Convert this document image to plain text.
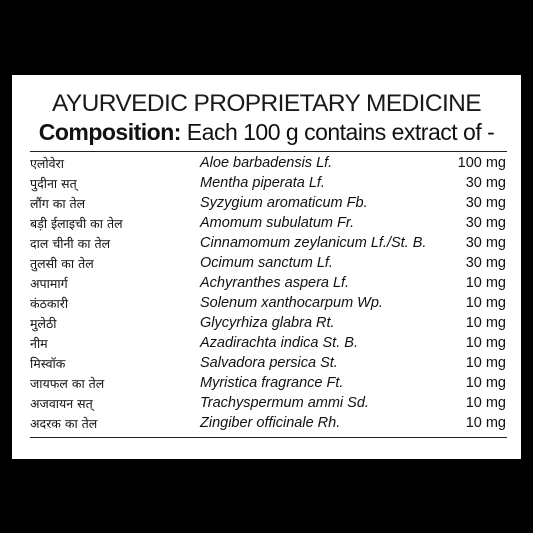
AYURVEDIC PROPRIETARY MEDICINE
Composition: Each 100 g contains extract of -
एलोवेरा	Aloe barbadensis Lf.	100 mg
पुदीना सत्	Mentha piperata Lf.	30 mg
लौंग का तेल	Syzygium aromaticum Fb.	30 mg
बड़ी ईलाइची का तेल	Amomum subulatum Fr.	30 mg
दाल चीनी का तेल	Cinnamomum zeylanicum Lf./St. B.	30 mg
तुलसी का तेल	Ocimum sanctum Lf.	30 mg
अपामार्ग	Achyranthes aspera Lf.	10 mg
कंठकारी	Solenum xanthocarpum Wp.	10 mg
मुलेठी	Glycyrhiza glabra Rt.	10 mg
नीम	Azadirachta indica St. B.	10 mg
मिस्वॉक	Salvadora persica St.	10 mg
जायफल का तेल	Myristica fragrance Ft.	10 mg
अजवायन सत्	Trachyspermum ammi Sd.	10 mg
अदरक का तेल	Zingiber officinale Rh.	10 mg
